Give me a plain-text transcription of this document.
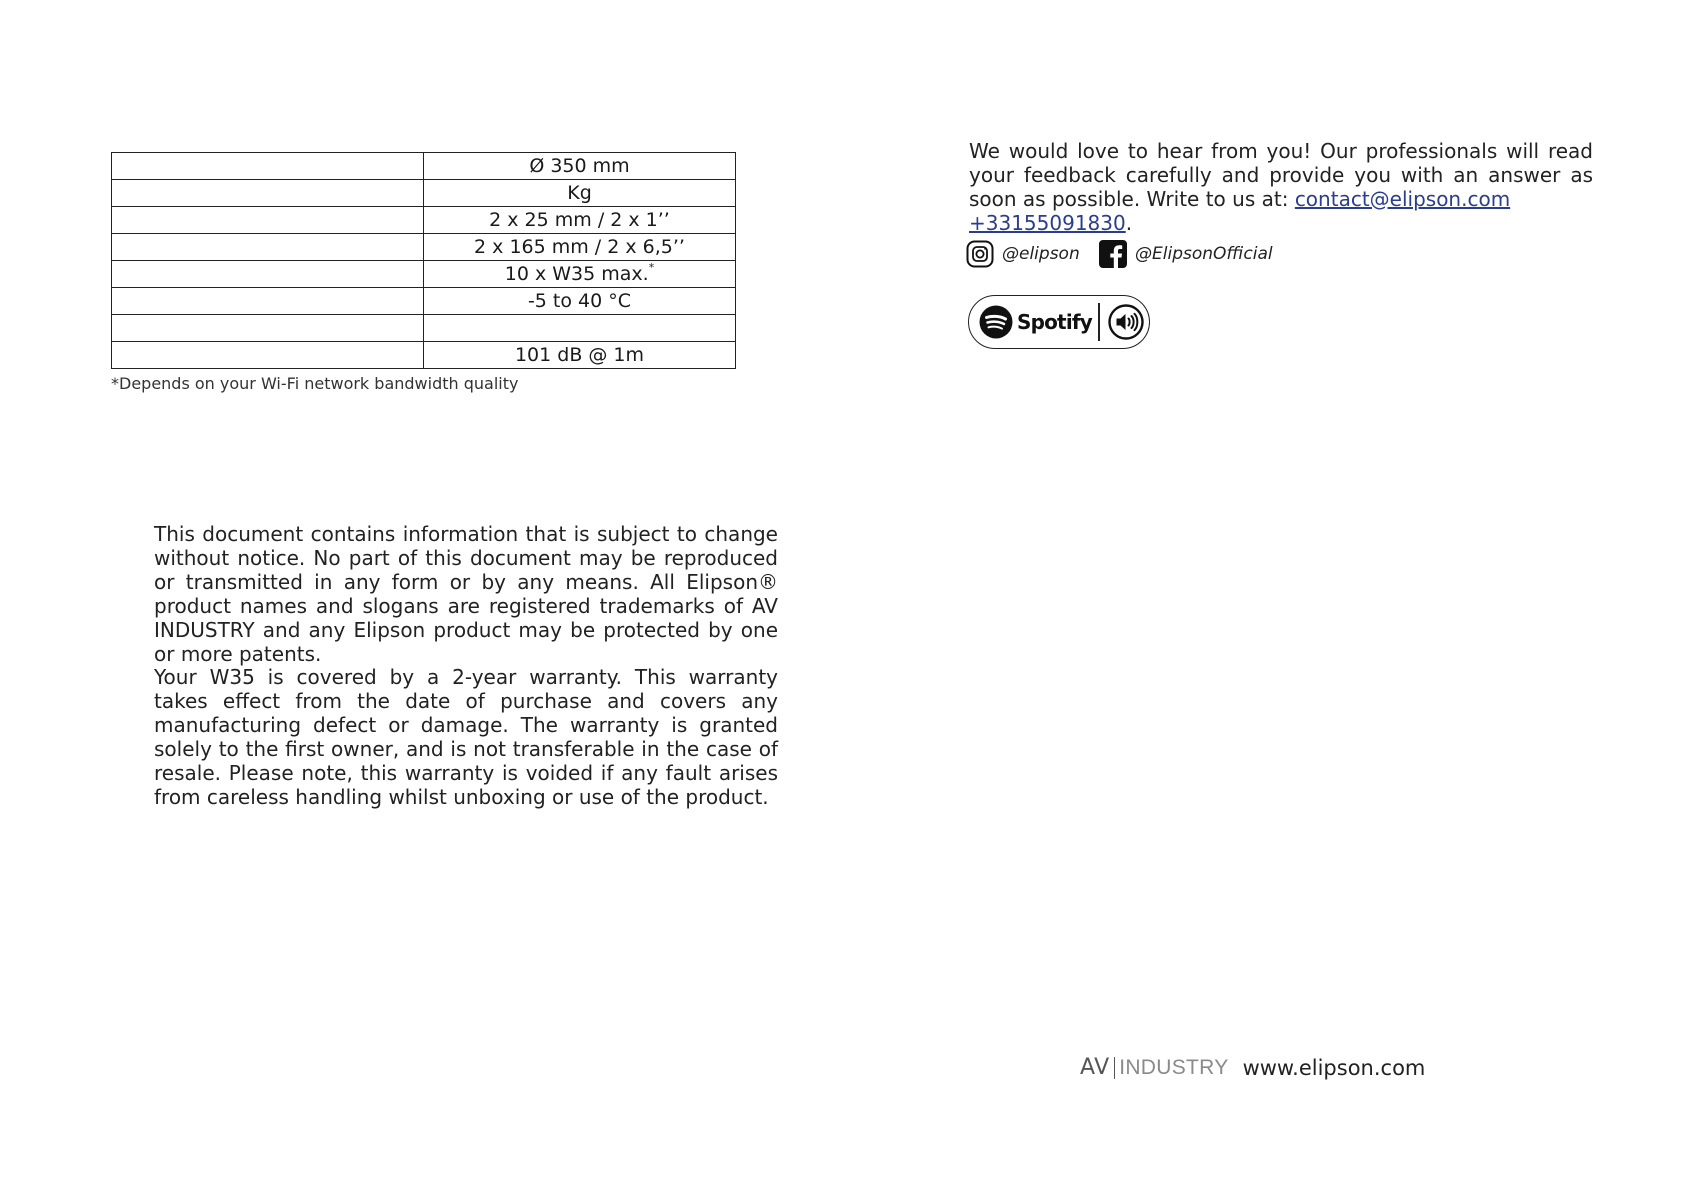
	Ø 350 mm
	Kg
	2 x 25 mm / 2 x 1’’
	2 x 165 mm / 2 x 6,5’’
	10 x W35 max.*
	-5 to 40 °C

	101 dB @ 1m
*Depends on your Wi-Fi network bandwidth quality

This document contains information that is subject to change without notice. No part of this document may be reproduced or transmitted in any form or by any means. All Elipson® product names and slogans are registered trademarks of AV INDUSTRY and any Elipson product may be protected by one or more patents.

Your W35 is covered by a 2-year warranty. This warranty takes effect from the date of purchase and covers any manufacturing defect or damage. The warranty is granted solely to the first owner, and is not transferable in the case of resale. Please note, this warranty is voided if any fault arises from careless handling whilst unboxing or use of the product.

We would love to hear from you! Our professionals will read your feedback carefully and provide you with an answer as soon as possible. Write to us at: contact@elipson.com
+33155091830.

@elipson	@ElipsonOfficial
Spotify
AV INDUSTRY www.elipson.com
